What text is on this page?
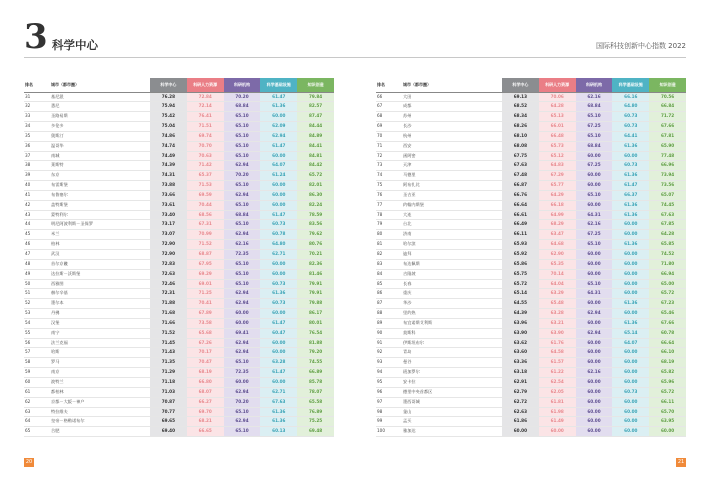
3 科学中心	国际科技创新中心指数 2022
排名	城市（都市圈）	科学中心	科研人力资源	科研机构	科学基础设施	知识创造
31	基尼派	76.28	72.84	70.20	61.47	79.84
32	悉尼	75.94	72.14	68.84	61.36	82.57
33	圣路易斯	75.42	76.41	65.10	60.00	87.47
34	多伦多	75.04	71.51	65.10	62.09	84.44
35	奥斯汀	74.86	69.74	65.10	62.94	84.89
36	温哥华	74.74	70.70	65.10	61.47	84.41
37	南城	74.49	70.63	65.10	60.00	84.81
38	莱斯特	74.39	71.42	62.94	64.07	84.42
39	东京	74.31	65.37	70.20	61.24	65.72
40	布雷斯堡	73.88	71.53	65.10	60.00	82.01
41	布鲁塞尔	73.66	69.59	62.94	60.00	86.30
42	盖特斯堡	73.61	70.44	65.10	60.00	82.24
43	蒙特利尔	73.40	68.56	68.84	61.47	78.59
44	明尼阿波利斯－圣保罗	73.17	67.31	65.10	60.73	83.56
45	米兰	73.07	70.99	62.94	60.78	79.62
46	柏林	72.90	71.52	62.16	64.80	80.76
47	武汉	72.90	68.87	72.35	62.71	70.21
48	首尔京畿	72.83	67.95	65.10	60.00	82.36
49	达拉斯－沃斯堡	72.63	69.29	65.10	60.00	81.46
50	西雅图	72.46	69.01	65.10	60.73	79.91
51	赫尔辛基	72.31	71.25	62.94	61.36	79.91
52	墨尔本	71.88	70.41	62.94	60.73	79.88
53	丹佛	71.68	67.89	60.00	60.00	86.17
54	汉堡	71.66	73.58	60.00	61.47	80.01
55	南宁	71.52	65.68	69.41	60.47	76.54
56	法兰克福	71.45	67.26	62.94	60.00	81.88
57	哈斯	71.43	70.17	62.94	60.00	79.20
58	罗马	71.35	70.47	65.10	63.28	74.55
59	南京	71.29	68.19	72.35	61.47	66.89
60	波特兰	71.18	66.80	60.00	60.00	85.78
61	都柏林	71.03	68.07	62.94	62.71	78.07
62	京都－大阪－神户	70.87	66.27	70.20	67.63	65.58
63	特拉维夫	70.77	69.70	65.10	61.36	76.89
64	皇帝－格勒诺布尔	69.65	68.21	62.94	61.36	75.25
65	合肥	69.40	66.65	65.10	60.13	69.48
排名	城市（都市圈）	科学中心	科研人力资源	科研机构	科学基础设施	知识创造
66	大田	69.13	70.06	62.16	66.16	70.56
67	成都	68.52	64.28	68.84	64.80	66.84
68	苏州	68.34	65.13	65.10	60.73	71.72
69	长沙	68.26	66.01	67.25	60.73	67.66
70	杭州	68.10	66.48	65.10	64.41	67.81
71	西安	68.08	65.73	68.84	61.36	65.90
72	函阿密	67.75	65.12	60.00	60.00	77.48
73	天津	67.63	64.83	67.25	60.73	66.96
74	马德里	67.48	67.29	60.00	61.36	73.94
75	阿布扎比	66.87	65.77	60.00	61.47	73.56
76	圣吉亚	66.76	64.29	65.10	66.37	65.07
77	约翰内斯堡	66.64	66.18	60.00	61.36	74.45
78	大连	66.61	64.99	64.31	61.36	67.63
79	台北	66.49	68.29	62.16	60.00	67.85
80	济南	66.11	63.47	67.25	60.00	64.28
81	哈尔滨	65.93	64.68	65.10	61.36	65.85
82	迪拜	65.92	62.90	60.00	60.00	74.52
83	布达佩斯	65.86	65.35	60.00	60.00	71.80
84	吉隆坡	65.75	70.14	60.00	60.00	66.94
85	长春	65.72	64.04	65.10	60.00	65.00
86	重庆	65.14	63.29	64.31	60.00	65.72
87	华沙	64.55	65.48	60.00	61.36	67.23
88	里约热	64.39	63.28	62.94	60.00	65.46
89	布宜诺斯艾利斯	63.96	63.21	60.00	61.36	67.66
90	莫斯科	63.90	63.90	62.94	65.14	60.78
91	伊斯坦布尔	63.62	61.76	60.00	64.07	66.64
92	青岛	63.60	64.58	60.00	60.00	66.10
93	曼谷	63.36	61.57	60.00	60.00	68.19
94	班加罗尔	63.18	61.22	62.16	60.00	65.82
95	安卡拉	62.91	62.54	60.00	60.00	65.96
96	德里中央首都区	62.79	62.05	60.00	60.73	65.72
97	墨西哥城	62.72	61.81	60.00	60.00	66.11
98	釜山	62.63	61.98	60.00	60.00	65.70
99	孟买	61.86	61.49	60.00	60.00	63.95
100	雅加达	60.00	60.00	60.00	60.00	60.00
20	21
